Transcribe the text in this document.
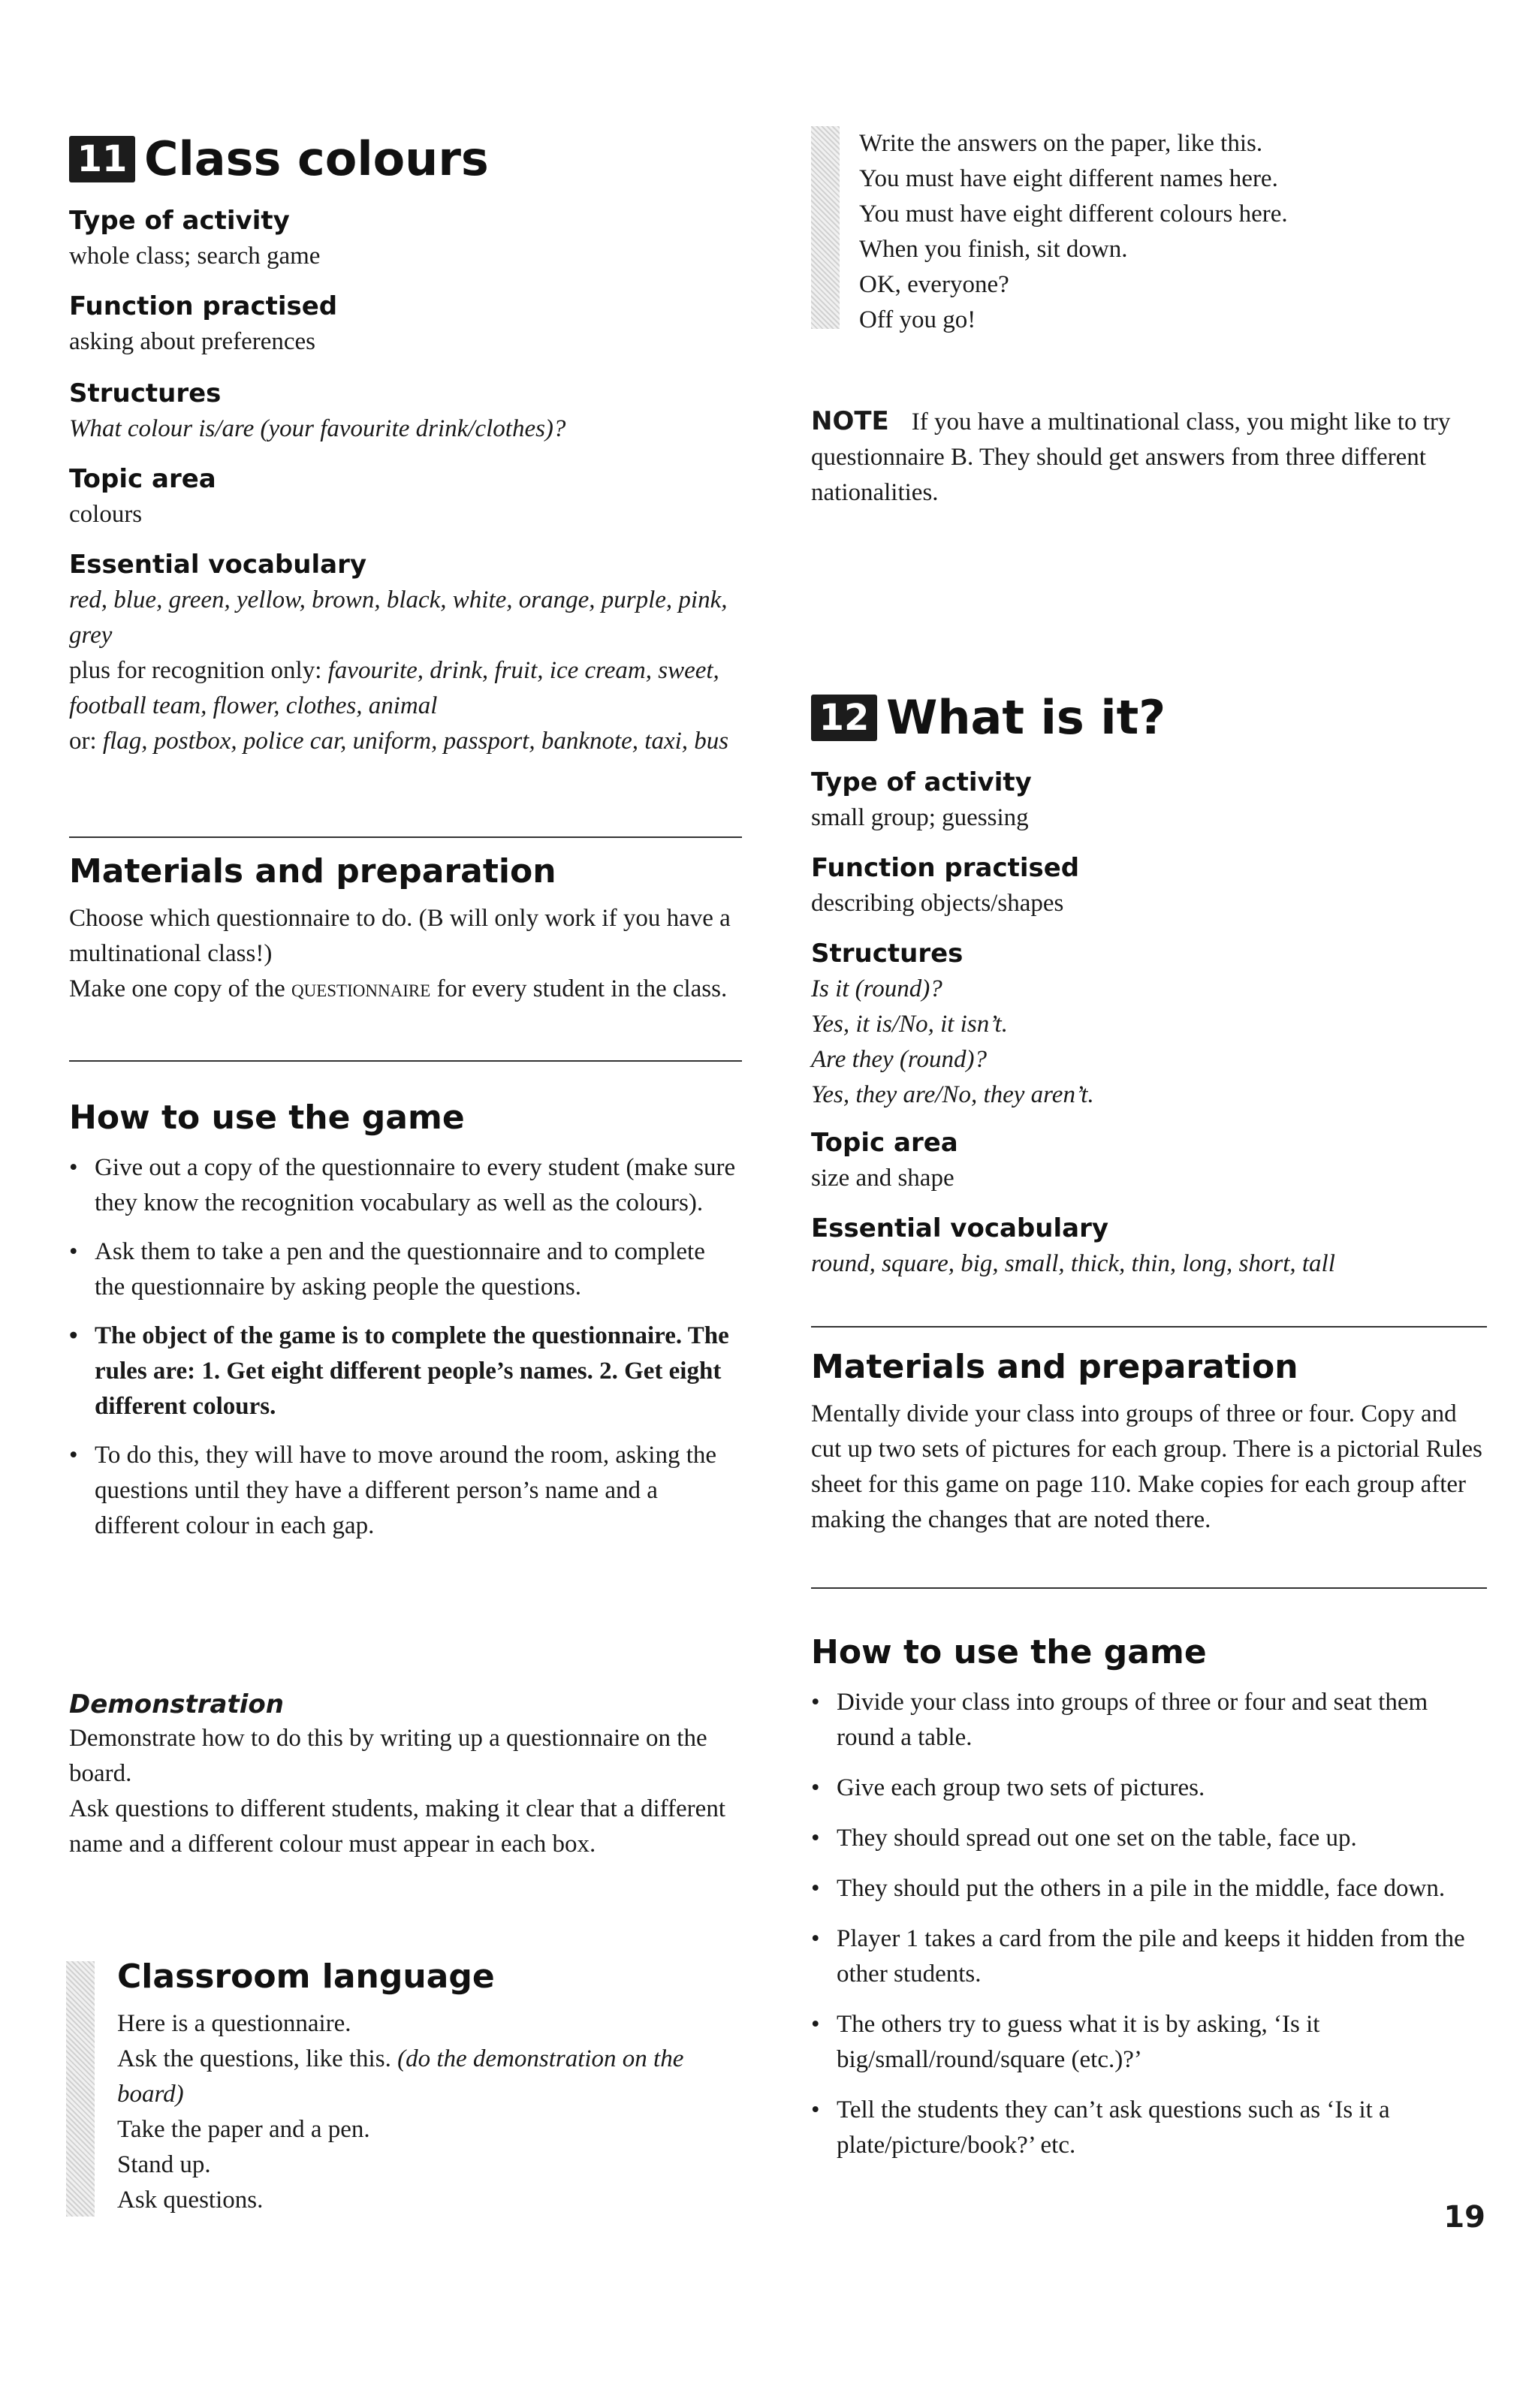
11 Class colours
Type of activity
whole class; search game
Function practised
asking about preferences
Structures
What colour is/are (your favourite drink/clothes)?
Topic area
colours
Essential vocabulary
red, blue, green, yellow, brown, black, white, orange, purple, pink, grey
plus for recognition only: favourite, drink, fruit, ice cream, sweet, football team, flower, clothes, animal
or: flag, postbox, police car, uniform, passport, banknote, taxi, bus
Materials and preparation
Choose which questionnaire to do. (B will only work if you have a multinational class!)
Make one copy of the questionnaire for every student in the class.
How to use the game
• Give out a copy of the questionnaire to every student (make sure they know the recognition vocabulary as well as the colours).
• Ask them to take a pen and the questionnaire and to complete the questionnaire by asking people the questions.
• The object of the game is to complete the questionnaire. The rules are: 1. Get eight different people’s names. 2. Get eight different colours.
• To do this, they will have to move around the room, asking the questions until they have a different person’s name and a different colour in each gap.
Demonstration
Demonstrate how to do this by writing up a questionnaire on the board.
Ask questions to different students, making it clear that a different name and a different colour must appear in each box.
Classroom language
Here is a questionnaire.
Ask the questions, like this. (do the demonstration on the board)
Take the paper and a pen.
Stand up.
Ask questions.
Write the answers on the paper, like this.
You must have eight different names here.
You must have eight different colours here.
When you finish, sit down.
OK, everyone?
Off you go!
NOTE If you have a multinational class, you might like to try questionnaire B. They should get answers from three different nationalities.
12 What is it?
Type of activity
small group; guessing
Function practised
describing objects/shapes
Structures
Is it (round)?
Yes, it is/No, it isn’t.
Are they (round)?
Yes, they are/No, they aren’t.
Topic area
size and shape
Essential vocabulary
round, square, big, small, thick, thin, long, short, tall
Materials and preparation
Mentally divide your class into groups of three or four. Copy and cut up two sets of pictures for each group. There is a pictorial Rules sheet for this game on page 110. Make copies for each group after making the changes that are noted there.
How to use the game
• Divide your class into groups of three or four and seat them round a table.
• Give each group two sets of pictures.
• They should spread out one set on the table, face up.
• They should put the others in a pile in the middle, face down.
• Player 1 takes a card from the pile and keeps it hidden from the other students.
• The others try to guess what it is by asking, ‘Is it big/small/round/square (etc.)?’
• Tell the students they can’t ask questions such as ‘Is it a plate/picture/book?’ etc.
19
